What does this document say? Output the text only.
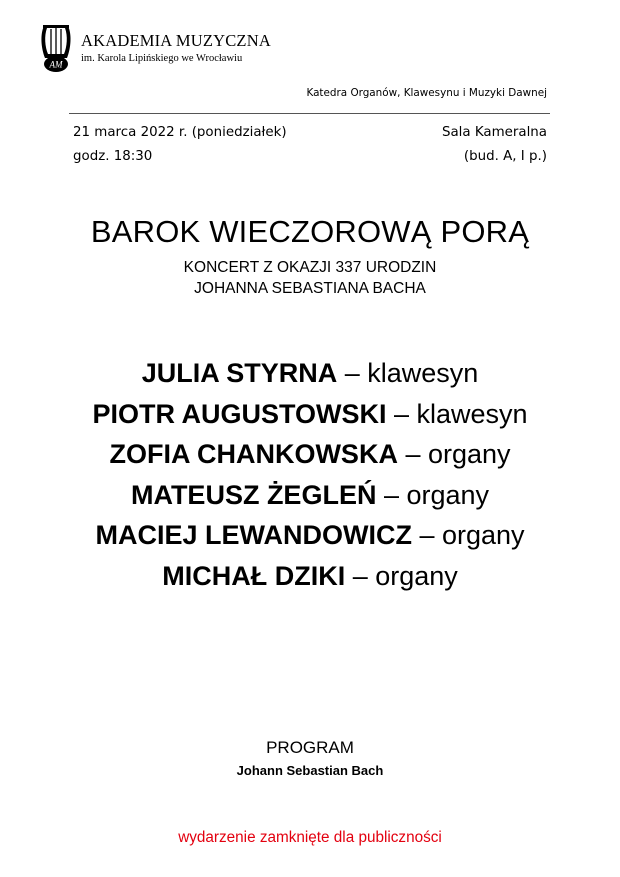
AM
AKADEMIA MUZYCZNA
im. Karola Lipińskiego we Wrocławiu
Katedra Organów, Klawesynu i Muzyki Dawnej
21 marca 2022 r. (poniedziałek)
godz. 18:30
Sala Kameralna
(bud. A, I p.)
BAROK WIECZOROWĄ PORĄ
KONCERT Z OKAZJI 337 URODZIN
JOHANNA SEBASTIANA BACHA
JULIA STYRNA – klawesyn
PIOTR AUGUSTOWSKI – klawesyn
ZOFIA CHANKOWSKA – organy
MATEUSZ ŻEGLEŃ – organy
MACIEJ LEWANDOWICZ – organy
MICHAŁ DZIKI – organy
PROGRAM
Johann Sebastian Bach
wydarzenie zamknięte dla publiczności
